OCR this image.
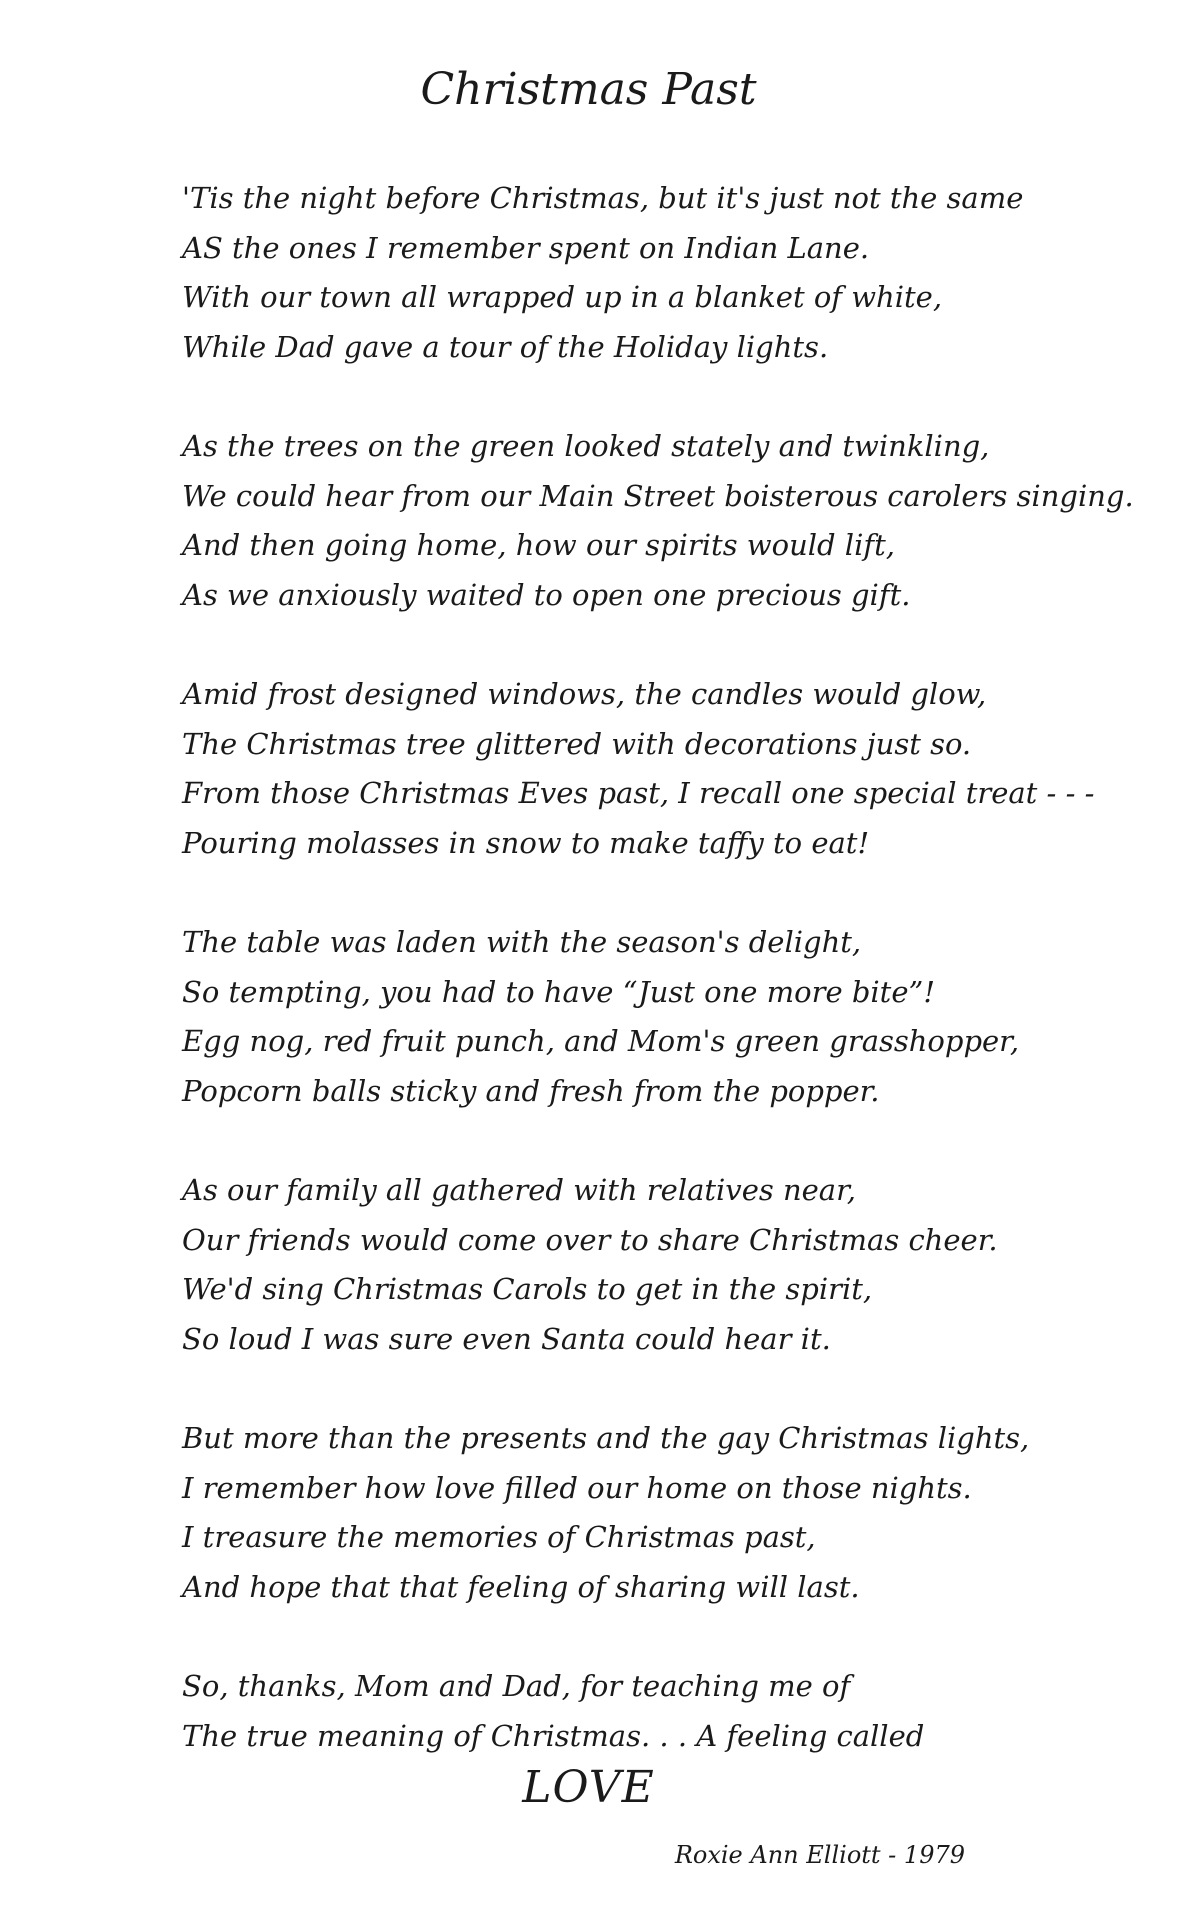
Christmas Past
'Tis the night before Christmas, but it's just not the same
AS the ones I remember spent on Indian Lane.
With our town all wrapped up in a blanket of white,
While Dad gave a tour of the Holiday lights.
As the trees on the green looked stately and twinkling,
We could hear from our Main Street boisterous carolers singing.
And then going home, how our spirits would lift,
As we anxiously waited to open one precious gift.
Amid frost designed windows, the candles would glow,
The Christmas tree glittered with decorations just so.
From those Christmas Eves past, I recall one special treat - - -
Pouring molasses in snow to make taffy to eat!
The table was laden with the season's delight,
So tempting, you had to have “Just one more bite”!
Egg nog, red fruit punch, and Mom's green grasshopper,
Popcorn balls sticky and fresh from the popper.
As our family all gathered with relatives near,
Our friends would come over to share Christmas cheer.
We'd sing Christmas Carols to get in the spirit,
So loud I was sure even Santa could hear it.
But more than the presents and the gay Christmas lights,
I remember how love filled our home on those nights.
I treasure the memories of Christmas past,
And hope that that feeling of sharing will last.
So, thanks, Mom and Dad, for teaching me of
The true meaning of Christmas. . . A feeling called
LOVE
Roxie Ann Elliott - 1979
